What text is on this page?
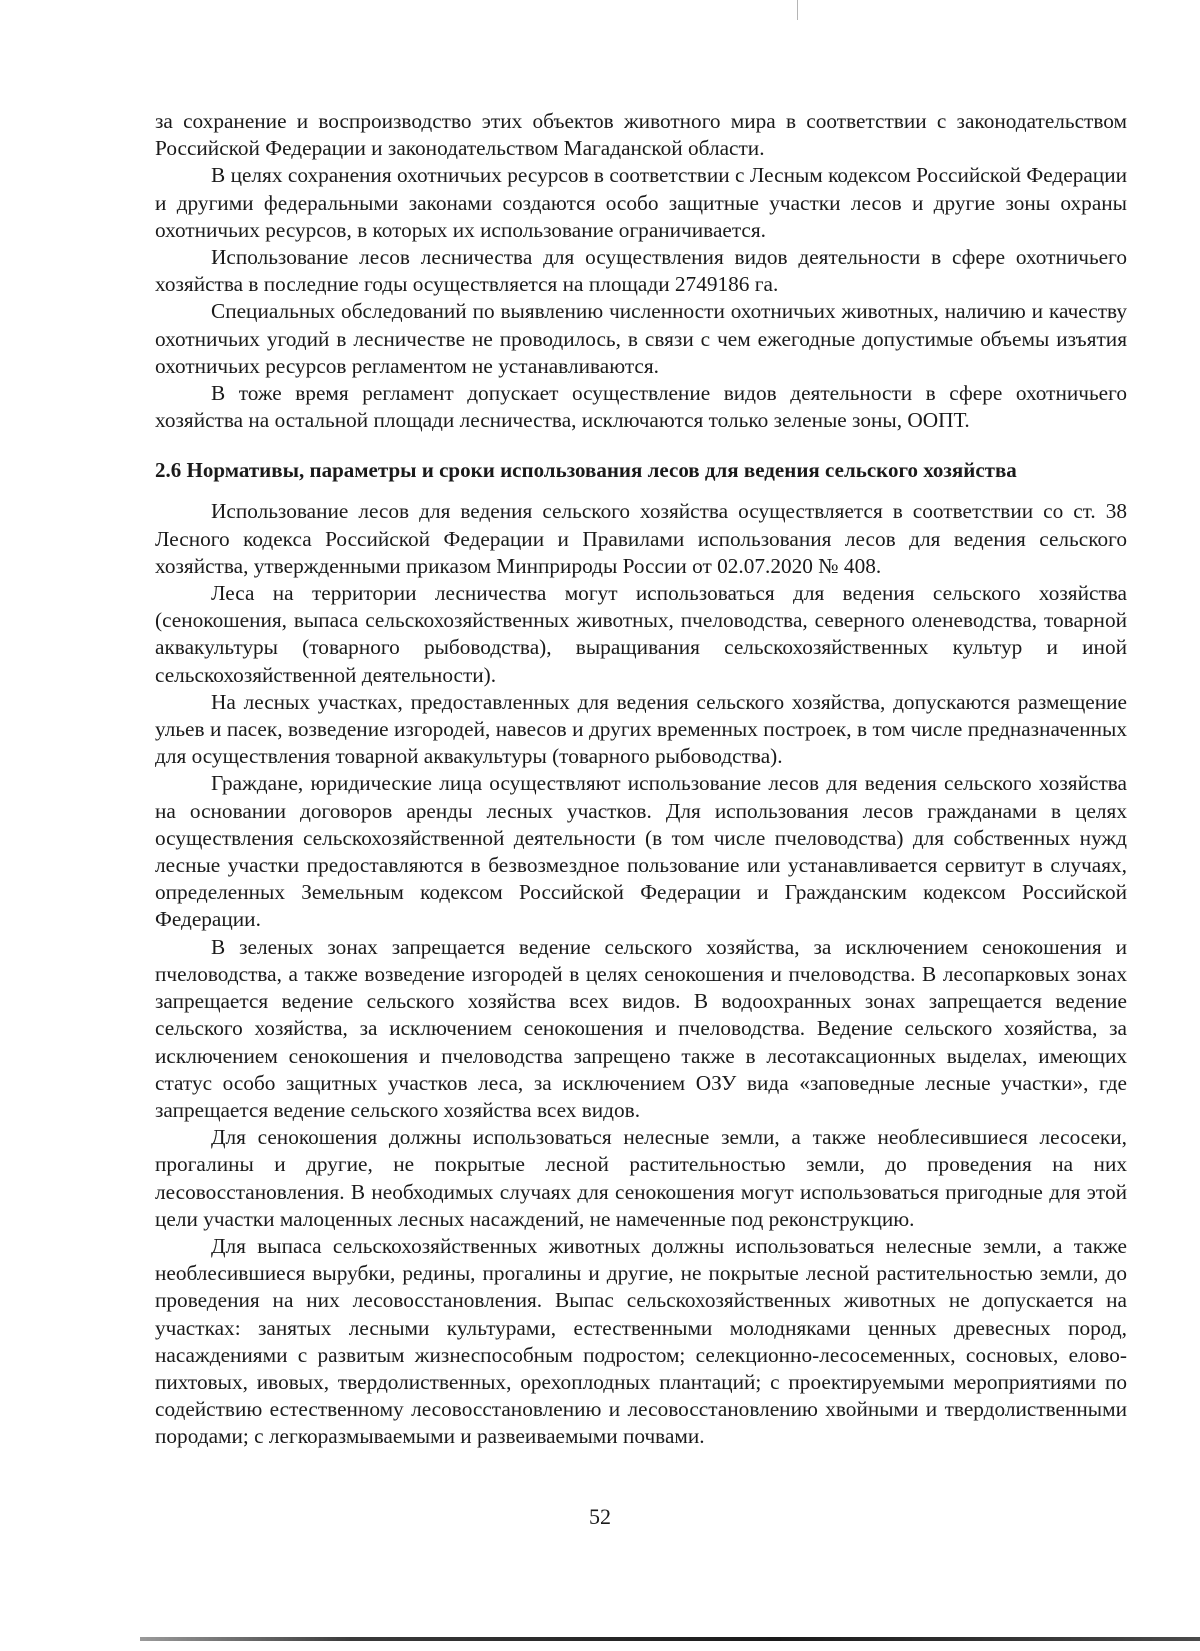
за сохранение и воспроизводство этих объектов животного мира в соответствии с законодательством Российской Федерации и законодательством Магаданской области.

В целях сохранения охотничьих ресурсов в соответствии с Лесным кодексом Российской Федерации и другими федеральными законами создаются особо защитные участки лесов и другие зоны охраны охотничьих ресурсов, в которых их использование ограничивается.

Использование лесов лесничества для осуществления видов деятельности в сфере охотничьего хозяйства в последние годы осуществляется на площади 2749186 га.

Специальных обследований по выявлению численности охотничьих животных, наличию и качеству охотничьих угодий в лесничестве не проводилось, в связи с чем ежегодные допустимые объемы изъятия охотничьих ресурсов регламентом не устанавливаются.

В тоже время регламент допускает осуществление видов деятельности в сфере охотничьего хозяйства на остальной площади лесничества, исключаются только зеленые зоны, ООПТ.

2.6 Нормативы, параметры и сроки использования лесов для ведения сельского хозяйства

Использование лесов для ведения сельского хозяйства осуществляется в соответствии со ст. 38 Лесного кодекса Российской Федерации и Правилами использования лесов для ведения сельского хозяйства, утвержденными приказом Минприроды России от 02.07.2020 № 408.

Леса на территории лесничества могут использоваться для ведения сельского хозяйства (сенокошения, выпаса сельскохозяйственных животных, пчеловодства, северного оленеводства, товарной аквакультуры (товарного рыбоводства), выращивания сельскохозяйственных культур и иной сельскохозяйственной деятельности).

На лесных участках, предоставленных для ведения сельского хозяйства, допускаются размещение ульев и пасек, возведение изгородей, навесов и других временных построек, в том числе предназначенных для осуществления товарной аквакультуры (товарного рыбоводства).

Граждане, юридические лица осуществляют использование лесов для ведения сельского хозяйства на основании договоров аренды лесных участков. Для использования лесов гражданами в целях осуществления сельскохозяйственной деятельности (в том числе пчеловодства) для собственных нужд лесные участки предоставляются в безвозмездное пользование или устанавливается сервитут в случаях, определенных Земельным кодексом Российской Федерации и Гражданским кодексом Российской Федерации.

В зеленых зонах запрещается ведение сельского хозяйства, за исключением сенокошения и пчеловодства, а также возведение изгородей в целях сенокошения и пчеловодства. В лесопарковых зонах запрещается ведение сельского хозяйства всех видов. В водоохранных зонах запрещается ведение сельского хозяйства, за исключением сенокошения и пчеловодства. Ведение сельского хозяйства, за исключением сенокошения и пчеловодства запрещено также в лесотаксационных выделах, имеющих статус особо защитных участков леса, за исключением ОЗУ вида «заповедные лесные участки», где запрещается ведение сельского хозяйства всех видов.

Для сенокошения должны использоваться нелесные земли, а также необлесившиеся лесосеки, прогалины и другие, не покрытые лесной растительностью земли, до проведения на них лесовосстановления. В необходимых случаях для сенокошения могут использоваться пригодные для этой цели участки малоценных лесных насаждений, не намеченные под реконструкцию.

Для выпаса сельскохозяйственных животных должны использоваться нелесные земли, а также необлесившиеся вырубки, редины, прогалины и другие, не покрытые лесной растительностью земли, до проведения на них лесовосстановления. Выпас сельскохозяйственных животных не допускается на участках: занятых лесными культурами, естественными молодняками ценных древесных пород, насаждениями с развитым жизнеспособным подростом; селекционно-лесосеменных, сосновых, елово-пихтовых, ивовых, твердолиственных, орехоплодных плантаций; с проектируемыми мероприятиями по содействию естественному лесовосстановлению и лесовосстановлению хвойными и твердолиственными породами; с легкоразмываемыми и развеиваемыми почвами.

52
